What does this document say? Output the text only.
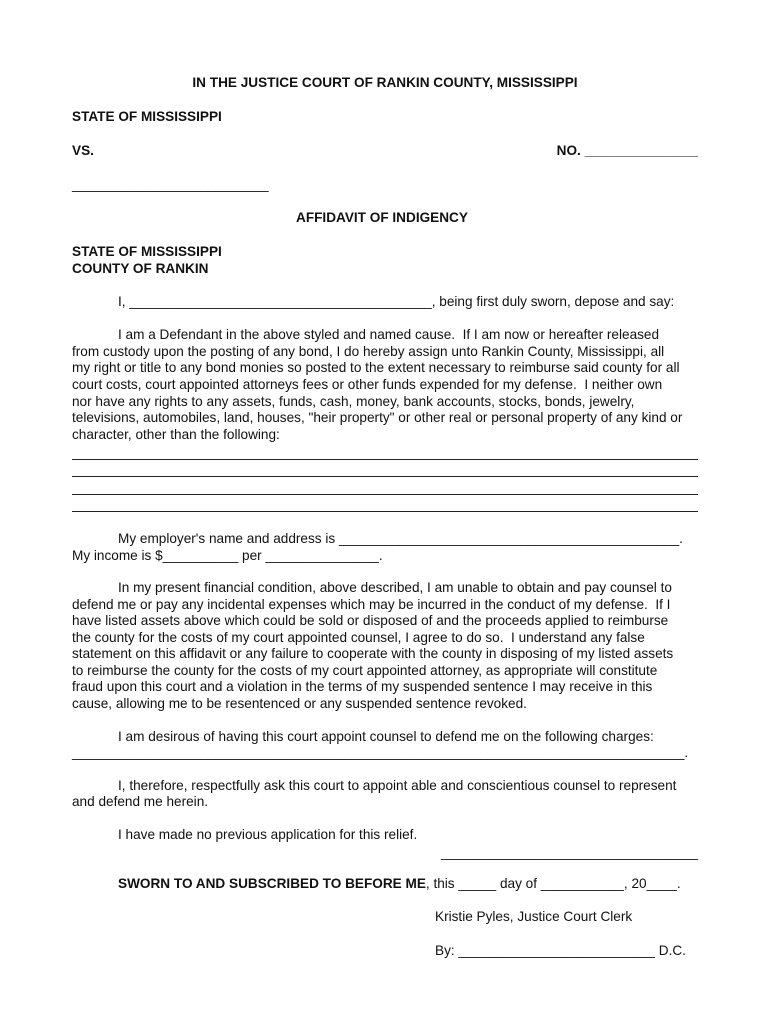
IN THE JUSTICE COURT OF RANKIN COUNTY, MISSISSIPPI
STATE OF MISSISSIPPI
VS.	NO. _______________
__________________________
AFFIDAVIT OF INDIGENCY
STATE OF MISSISSIPPI
COUNTY OF RANKIN
I, ________________________________________, being first duly sworn, depose and say:
I am a Defendant in the above styled and named cause.  If I am now or hereafter released
from custody upon the posting of any bond, I do hereby assign unto Rankin County, Mississippi, all
my right or title to any bond monies so posted to the extent necessary to reimburse said county for all
court costs, court appointed attorneys fees or other funds expended for my defense.  I neither own
nor have any rights to any assets, funds, cash, money, bank accounts, stocks, bonds, jewelry,
televisions, automobiles, land, houses, "heir property" or other real or personal property of any kind or
character, other than the following:
My employer's name and address is _____________________________________________.
My income is $__________ per _______________.
In my present financial condition, above described, I am unable to obtain and pay counsel to
defend me or pay any incidental expenses which may be incurred in the conduct of my defense.  If I
have listed assets above which could be sold or disposed of and the proceeds applied to reimburse
the county for the costs of my court appointed counsel, I agree to do so.  I understand any false
statement on this affidavit or any failure to cooperate with the county in disposing of my listed assets
to reimburse the county for the costs of my court appointed attorney, as appropriate will constitute
fraud upon this court and a violation in the terms of my suspended sentence I may receive in this
cause, allowing me to be resentenced or any suspended sentence revoked.
I am desirous of having this court appoint counsel to defend me on the following charges:
_________________________________________________________________________________.
I, therefore, respectfully ask this court to appoint able and conscientious counsel to represent
and defend me herein.
I have made no previous application for this relief.
__________________________________
SWORN TO AND SUBSCRIBED TO BEFORE ME, this _____ day of ___________, 20____.
Kristie Pyles, Justice Court Clerk
By: __________________________ D.C.
